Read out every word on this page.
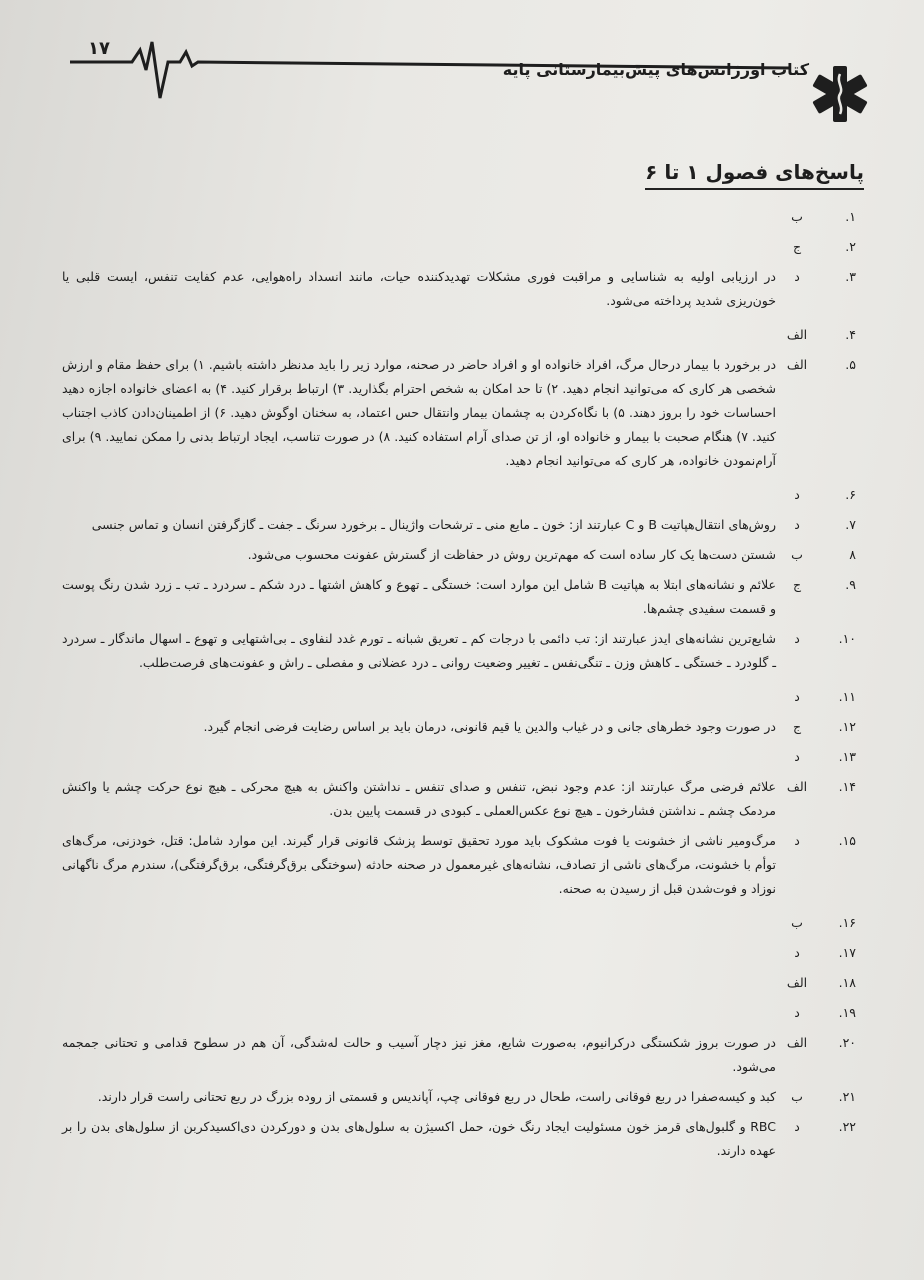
۱۷
کتاب اورژانس‌های پیش‌بیمارستانی پایه
پاسخ‌های فصول ۱ تا ۶
۱.
ب
۲.
ج
۳.
د
در ارزیابی اولیه به شناسایی و مراقبت فوری مشکلات تهدیدکننده حیات، مانند انسداد راه‌هوایی، عدم کفایت تنفس، ایست قلبی یا خون‌ریزی شدید پرداخته می‌شود.
۴.
الف
۵.
الف
در برخورد با بیمار درحال مرگ، افراد خانواده او و افراد حاضر در صحنه، موارد زیر را باید مدنظر داشته باشیم. ۱) برای حفظ مقام و ارزش شخصی هر کاری که می‌توانید انجام دهید. ۲) تا حد امکان به شخص احترام بگذارید. ۳) ارتباط برقرار کنید. ۴) به اعضای خانواده اجازه دهید احساسات خود را بروز دهند. ۵) با نگاه‌کردن به چشمان بیمار وانتقال حس اعتماد، به سخنان اوگوش دهید. ۶) از اطمینان‌دادن کاذب اجتناب کنید. ۷) هنگام صحبت با بیمار و خانواده او، از تن صدای آرام استفاده کنید. ۸) در صورت تناسب، ایجاد ارتباط بدنی را ممکن نمایید. ۹) برای آرام‌نمودن خانواده، هر کاری که می‌توانید انجام دهید.
۶.
د
۷.
د
روش‌های انتقال‌هپاتیت B و C عبارتند از: خون ـ مایع منی ـ ترشحات واژینال ـ برخورد سرنگ ـ جفت ـ گازگرفتن انسان و تماس جنسی
۸
ب
شستن دست‌ها یک کار ساده است که مهم‌ترین روش در حفاظت از گسترش عفونت محسوب می‌شود.
۹.
ج
علائم و نشانه‌های ابتلا به هپاتیت B شامل این موارد است: خستگی ـ تهوع و کاهش اشتها ـ درد شکم ـ سردرد ـ تب ـ زرد شدن رنگ پوست و قسمت سفیدی چشم‌ها.
۱۰.
د
شایع‌ترین نشانه‌های ایدز عبارتند از: تب دائمی با درجات کم ـ تعریق شبانه ـ تورم غدد لنفاوی ـ بی‌اشتهایی و تهوع ـ اسهال ماندگار ـ سردرد ـ گلودرد ـ خستگی ـ کاهش وزن ـ تنگی‌نفس ـ تغییر وضعیت روانی ـ درد عضلانی و مفصلی ـ راش و عفونت‌های فرصت‌طلب.
۱۱.
د
۱۲.
ج
در صورت وجود خطرهای جانی و در غیاب والدین یا قیم قانونی، درمان باید بر اساس رضایت فرضی انجام گیرد.
۱۳.
د
۱۴.
الف
علائم فرضی مرگ عبارتند از: عدم وجود نبض، تنفس و صدای تنفس ـ نداشتن واکنش به هیچ محرکی ـ هیچ نوع حرکت چشم یا واکنش مردمک چشم ـ نداشتن فشارخون ـ هیچ نوع عکس‌العملی ـ کبودی در قسمت پایین بدن.
۱۵.
د
مرگ‌ومیر ناشی از خشونت یا فوت مشکوک باید مورد تحقیق توسط پزشک قانونی قرار گیرند. این موارد شامل: قتل، خودزنی، مرگ‌های توأم با خشونت، مرگ‌های ناشی از تصادف، نشانه‌های غیرمعمول در صحنه حادثه (سوختگی برق‌گرفتگی، برق‌گرفتگی)، سندرم مرگ ناگهانی نوزاد و فوت‌شدن قبل از رسیدن به صحنه.
۱۶.
ب
۱۷.
د
۱۸.
الف
۱۹.
د
۲۰.
الف
در صورت بروز شکستگی درکرانیوم، به‌صورت شایع، مغز نیز دچار آسیب و حالت له‌شدگی، آن هم در سطوح قدامی و تحتانی جمجمه می‌شود.
۲۱.
ب
کبد و کیسه‌صفرا در ربع فوقانی راست، طحال در ربع فوقانی چپ، آپاندیس و قسمتی از روده بزرگ در ربع تحتانی راست قرار دارند.
۲۲.
د
RBC و گلبول‌های قرمز خون مسئولیت ایجاد رنگ خون، حمل اکسیژن به سلول‌های بدن و دورکردن دی‌اکسیدکربن از سلول‌های بدن را بر عهده دارند.
